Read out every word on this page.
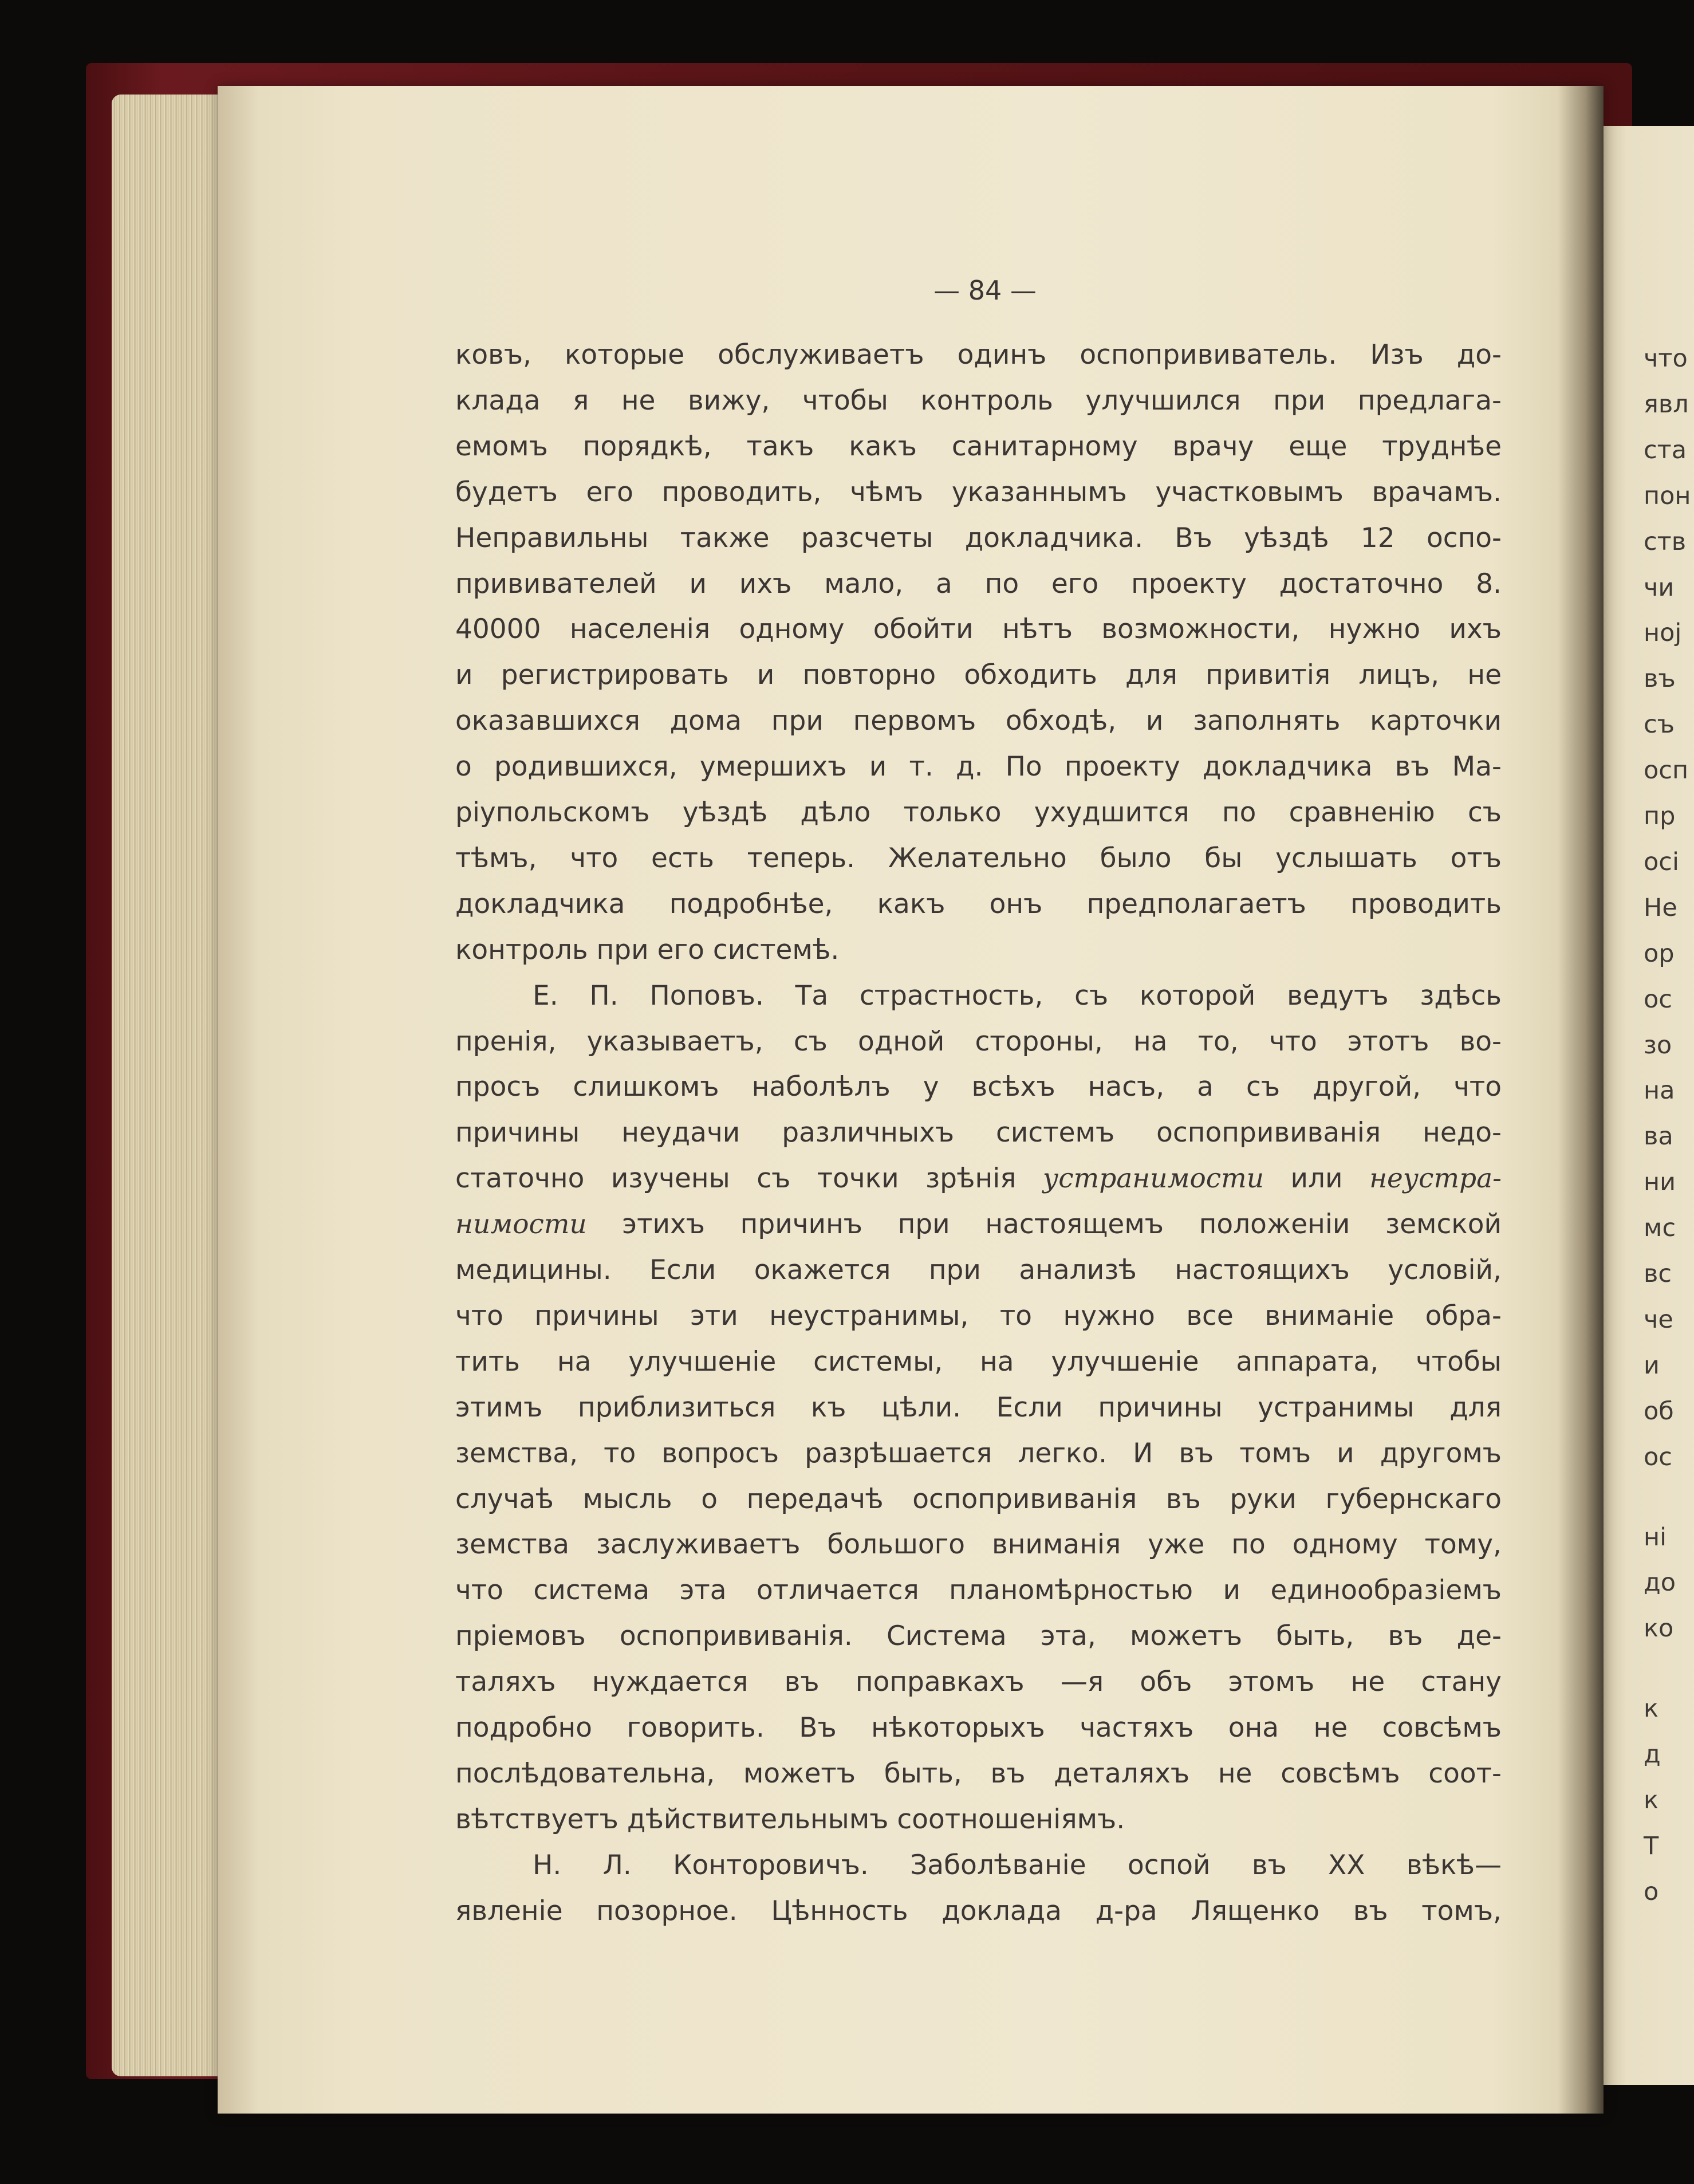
что
явл
ста
пон
ств
чи
ној
въ
съ
осп
пр
осі
Не
ор
ос
зо
на
ва
ни
мс
вс
че
и
об
ос
ні
до
ко
к
д
к
Т
о
— 84 —
ковъ, которые обслуживаетъ одинъ оспопрививатель. Изъ до-
клада я не вижу, чтобы контроль улучшился при предлага-
емомъ порядкѣ, такъ какъ санитарному врачу еще труднѣе
будетъ его проводить, чѣмъ указаннымъ участковымъ врачамъ.
Неправильны также разсчеты докладчика. Въ уѣздѣ 12 оспо-
прививателей и ихъ мало, а по его проекту достаточно 8.
40000 населенія одному обойти нѣтъ возможности, нужно ихъ
и регистрировать и повторно обходить для привитія лицъ, не
оказавшихся дома при первомъ обходѣ, и заполнять карточки
о родившихся, умершихъ и т. д. По проекту докладчика въ Ма-
ріупольскомъ уѣздѣ дѣло только ухудшится по сравненію съ
тѣмъ, что есть теперь. Желательно было бы услышать отъ
докладчика подробнѣе, какъ онъ предполагаетъ проводить
контроль при его системѣ.
Е. П. Поповъ. Та страстность, съ которой ведутъ здѣсь
пренія, указываетъ, съ одной стороны, на то, что этотъ во-
просъ слишкомъ наболѣлъ у всѣхъ насъ, а съ другой, что
причины неудачи различныхъ системъ оспопрививанія недо-
статочно изучены съ точки зрѣнія устранимости или неустра-
нимости этихъ причинъ при настоящемъ положеніи земской
медицины. Если окажется при анализѣ настоящихъ условій,
что причины эти неустранимы, то нужно все вниманіе обра-
тить на улучшеніе системы, на улучшеніе аппарата, чтобы
этимъ приблизиться къ цѣли. Если причины устранимы для
земства, то вопросъ разрѣшается легко. И въ томъ и другомъ
случаѣ мысль о передачѣ оспопрививанія въ руки губернскаго
земства заслуживаетъ большого вниманія уже по одному тому,
что система эта отличается планомѣрностью и единообразіемъ
пріемовъ оспопрививанія. Система эта, можетъ быть, въ де-
таляхъ нуждается въ поправкахъ —я объ этомъ не стану
подробно говорить. Въ нѣкоторыхъ частяхъ она не совсѣмъ
послѣдовательна, можетъ быть, въ деталяхъ не совсѣмъ соот-
вѣтствуетъ дѣйствительнымъ соотношеніямъ.
Н. Л. Конторовичъ. Заболѣваніе оспой въ XX вѣкѣ—
явленіе позорное. Цѣнность доклада д-ра Лященко въ томъ,
